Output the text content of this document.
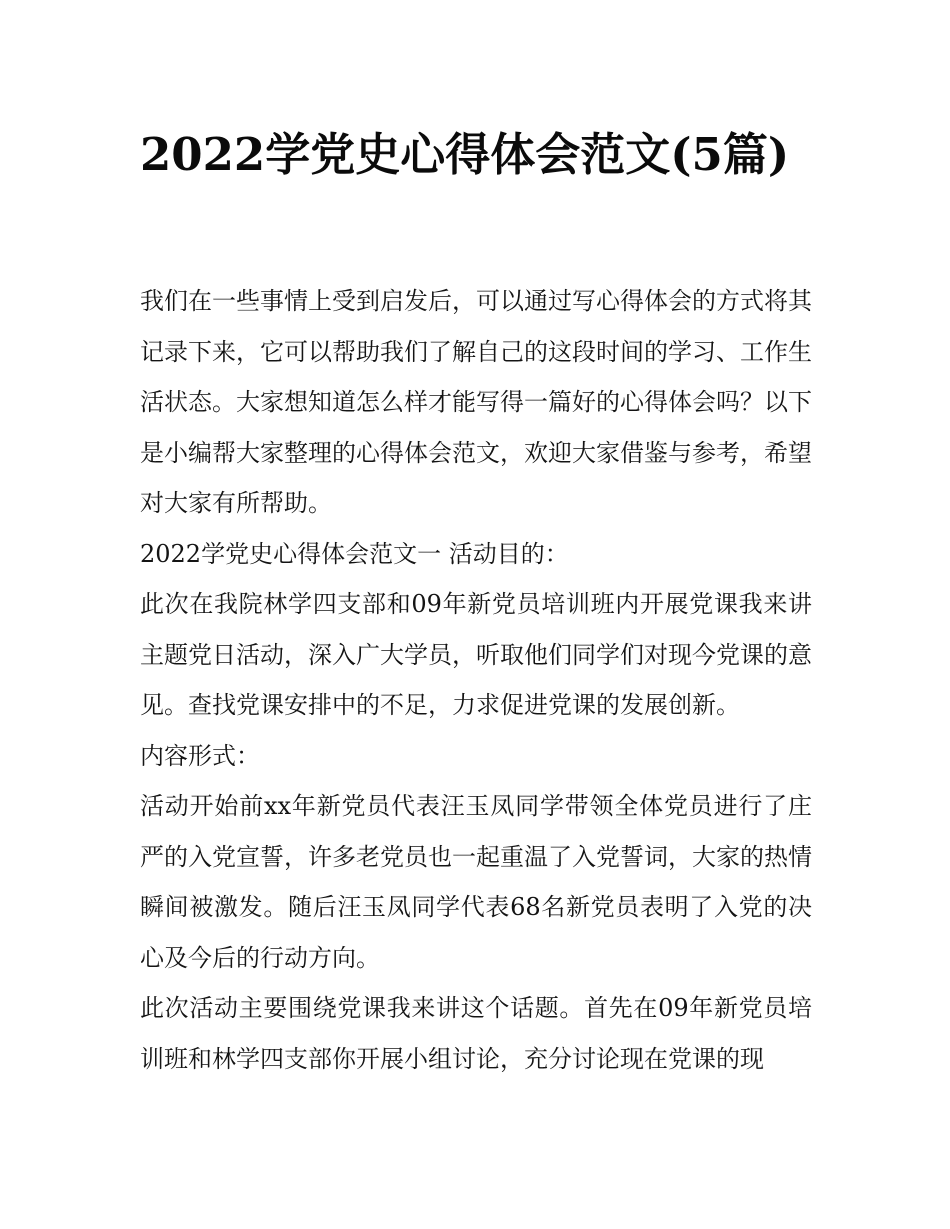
2022学党史心得体会范文(5篇)

我们在一些事情上受到启发后，可以通过写心得体会的方式将其记录下来，它可以帮助我们了解自己的这段时间的学习、工作生活状态。大家想知道怎么样才能写得一篇好的心得体会吗？以下是小编帮大家整理的心得体会范文，欢迎大家借鉴与参考，希望对大家有所帮助。

2022学党史心得体会范文一 活动目的：

此次在我院林学四支部和09年新党员培训班内开展党课我来讲主题党日活动，深入广大学员，听取他们同学们对现今党课的意见。查找党课安排中的不足，力求促进党课的发展创新。

内容形式：

活动开始前xx年新党员代表汪玉凤同学带领全体党员进行了庄严的入党宣誓，许多老党员也一起重温了入党誓词，大家的热情瞬间被激发。随后汪玉凤同学代表68名新党员表明了入党的决心及今后的行动方向。

此次活动主要围绕党课我来讲这个话题。首先在09年新党员培训班和林学四支部你开展小组讨论，充分讨论现在党课的现
